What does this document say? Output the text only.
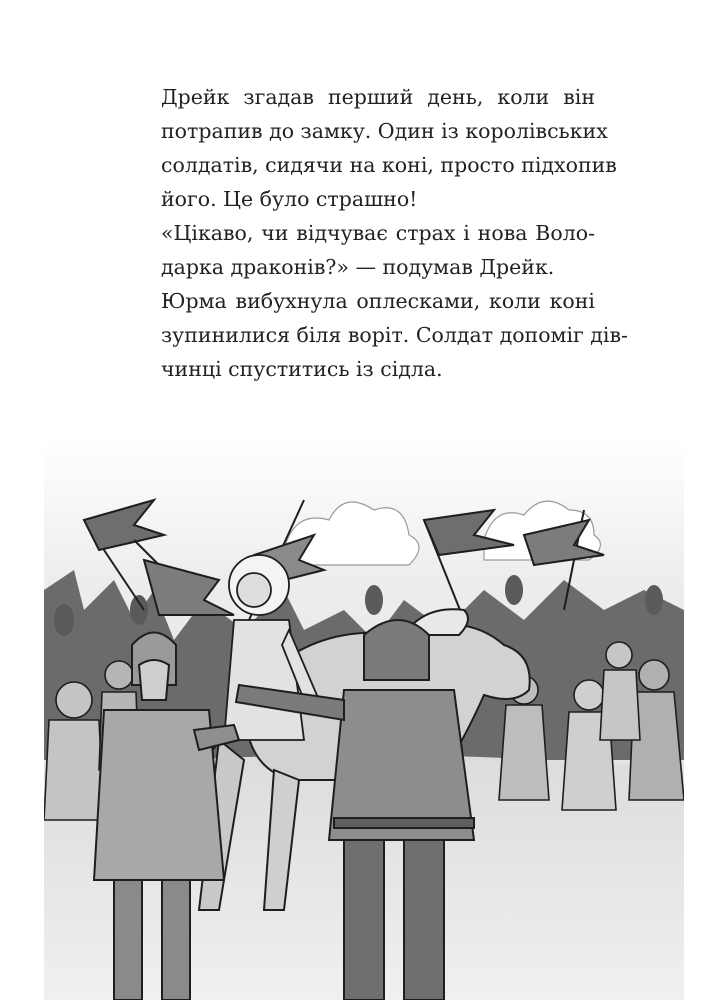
Дрейк згадав перший день, коли він
потрапив до замку. Один із королівських
солдатів, сидячи на коні, просто підхопив
його. Це було страшно!

«Цікаво, чи відчуває страх і нова Воло-
дарка драконів?» — подумав Дрейк.

Юрма вибухнула оплесками, коли коні
зупинилися біля воріт. Солдат допоміг дів-
чинці спуститись із сідла.
